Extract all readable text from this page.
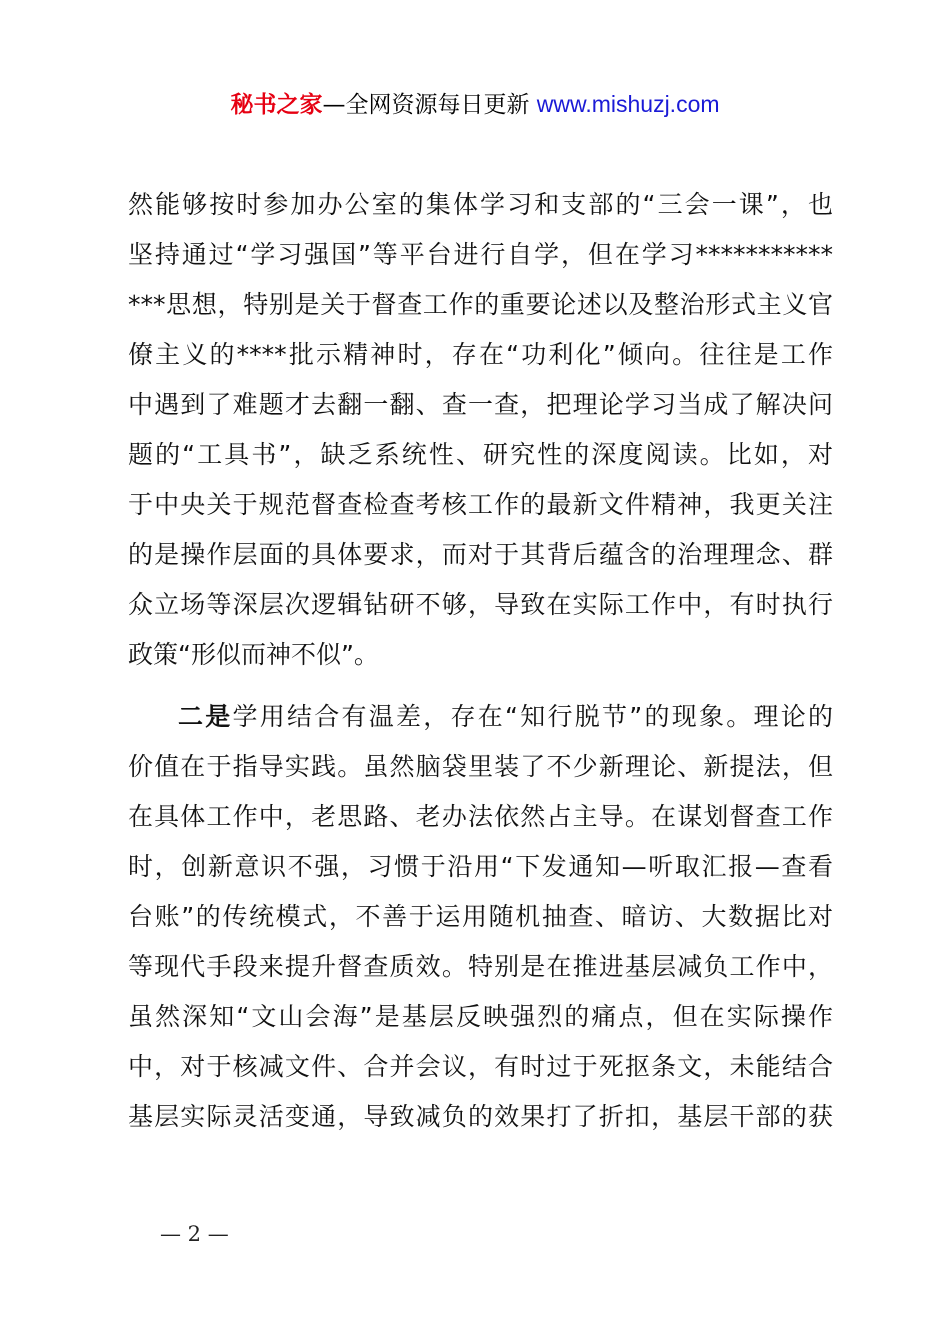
秘书之家—全网资源每日更新 www.mishuzj.com
然能够按时参加办公室的集体学习和支部的“三会一课”，也
坚持通过“学习强国”等平台进行自学，但在学习***********
***思想，特别是关于督查工作的重要论述以及整治形式主义官
僚主义的****批示精神时，存在“功利化”倾向。往往是工作
中遇到了难题才去翻一翻、查一查，把理论学习当成了解决问
题的“工具书”，缺乏系统性、研究性的深度阅读。比如，对
于中央关于规范督查检查考核工作的最新文件精神，我更关注
的是操作层面的具体要求，而对于其背后蕴含的治理理念、群
众立场等深层次逻辑钻研不够，导致在实际工作中，有时执行
政策“形似而神不似”。
二是学用结合有温差，存在“知行脱节”的现象。理论的
价值在于指导实践。虽然脑袋里装了不少新理论、新提法，但
在具体工作中，老思路、老办法依然占主导。在谋划督查工作
时，创新意识不强，习惯于沿用“下发通知—听取汇报—查看
台账”的传统模式，不善于运用随机抽查、暗访、大数据比对
等现代手段来提升督查质效。特别是在推进基层减负工作中，
虽然深知“文山会海”是基层反映强烈的痛点，但在实际操作
中，对于核减文件、合并会议，有时过于死抠条文，未能结合
基层实际灵活变通，导致减负的效果打了折扣，基层干部的获
— 2 —
